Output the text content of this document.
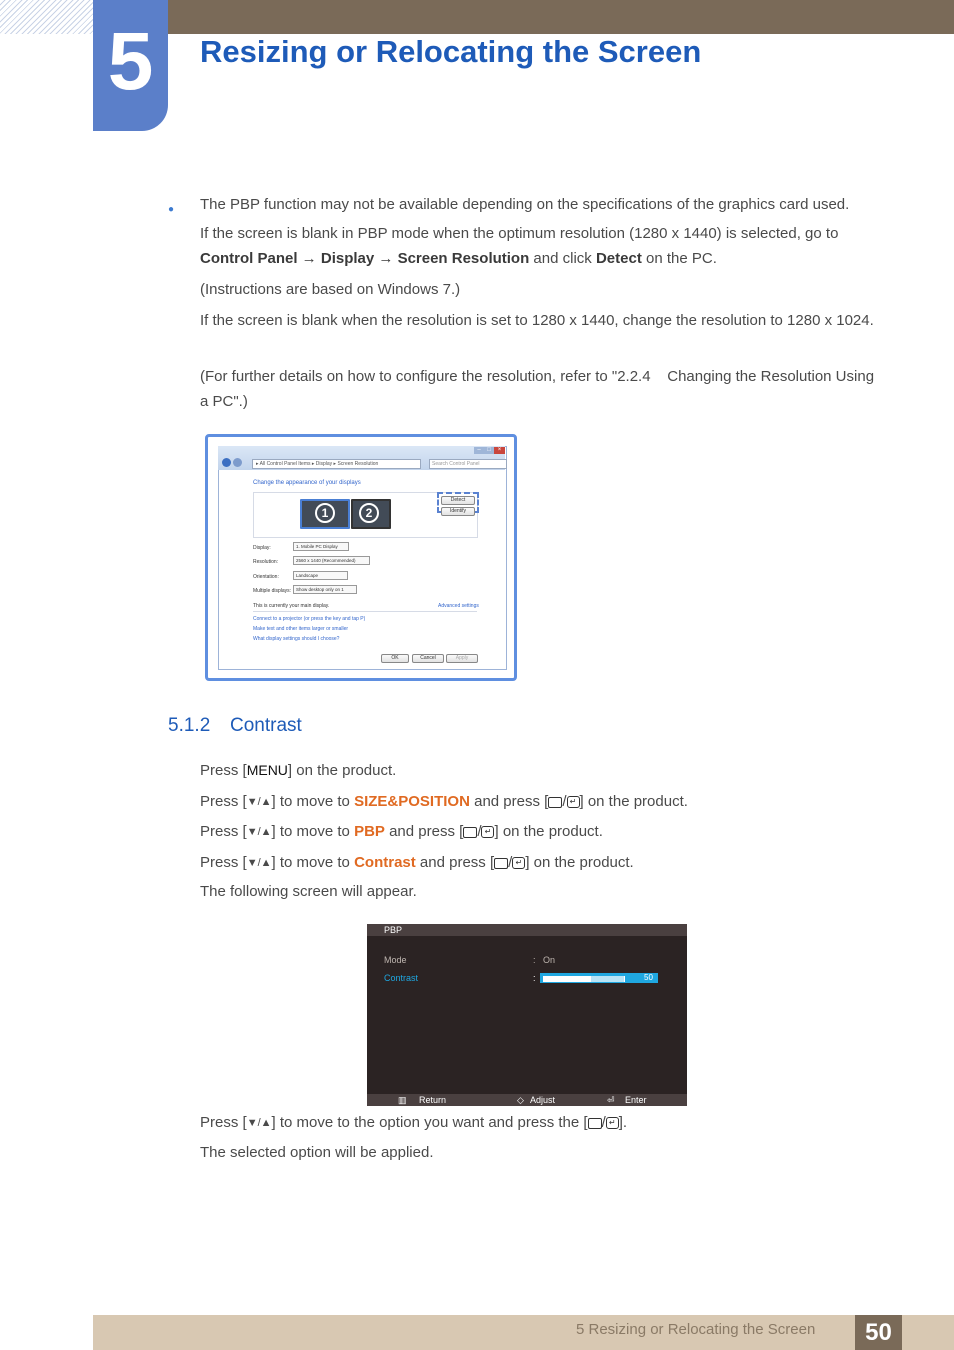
5	Resizing or Relocating the Screen
● The PBP function may not be available depending on the specifications of the graphics card used.
If the screen is blank in PBP mode when the optimum resolution (1280 x 1440) is selected, go to
Control Panel → Display → Screen Resolution and click Detect on the PC.
(Instructions are based on Windows 7.)
If the screen is blank when the resolution is set to 1280 x 1440, change the resolution to 1280 x 1024.
(For further details on how to configure the resolution, refer to "2.2.4    Changing the Resolution Using a PC".)
–	□	×
▸ All Control Panel Items ▸ Display ▸ Screen Resolution	Search Control Panel
Change the appearance of your displays
1	2
Detect
Identify
Display:	1. Mobile PC Display
Resolution:	2560 x 1440 (Recommended)
Orientation:	Landscape
Multiple displays:	Show desktop only on 1
This is currently your main display.	Advanced settings
Connect to a projector (or press the key and tap P)
Make text and other items larger or smaller
What display settings should I choose?
OK	Cancel	Apply
5.1.2 Contrast
Press [MENU] on the product.
Press [▼/▲] to move to SIZE&POSITION and press [ / ↵ ] on the product.
Press [▼/▲] to move to PBP and press [ / ↵ ] on the product.
Press [▼/▲] to move to Contrast and press [ / ↵ ] on the product.
The following screen will appear.
PBP
Mode	: On
Contrast	:	50
▥ Return	◇ Adjust	⏎ Enter
Press [▼/▲] to move to the option you want and press the [ / ↵ ].
The selected option will be applied.
5 Resizing or Relocating the Screen	50
